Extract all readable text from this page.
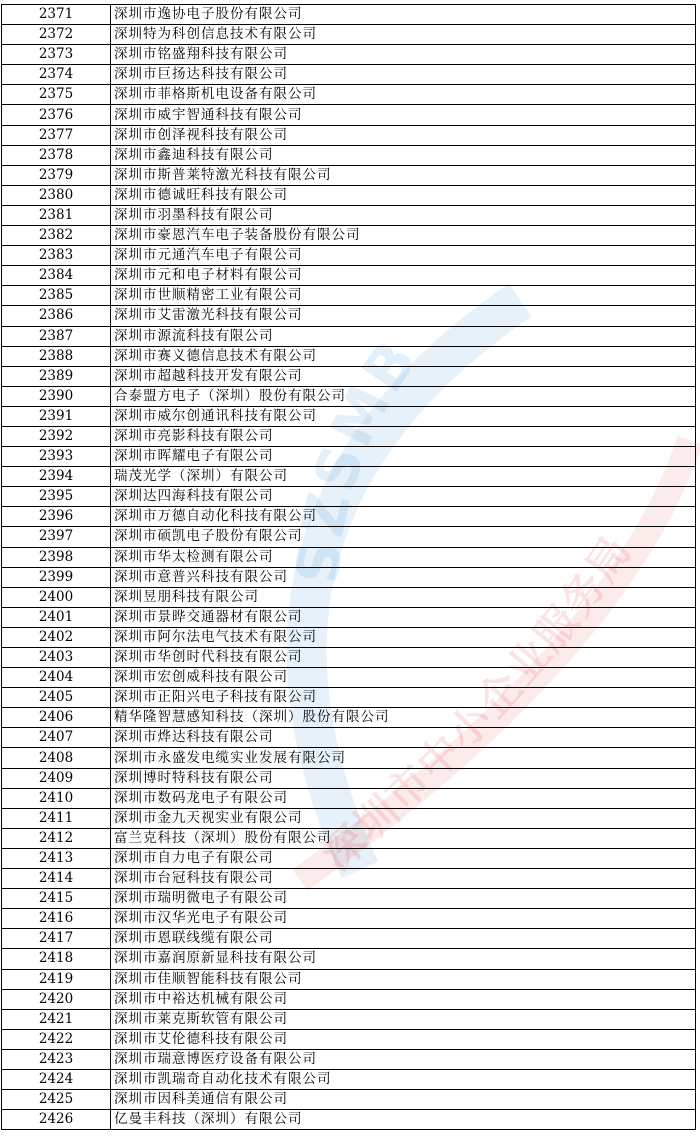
SZSMB
深圳市中小企业服务局
2371	深圳市逸协电子股份有限公司
2372	深圳特为科创信息技术有限公司
2373	深圳市铭盛翔科技有限公司
2374	深圳市巨扬达科技有限公司
2375	深圳市菲格斯机电设备有限公司
2376	深圳市威宇智通科技有限公司
2377	深圳市创泽视科技有限公司
2378	深圳市鑫迪科技有限公司
2379	深圳市斯普莱特激光科技有限公司
2380	深圳市德诚旺科技有限公司
2381	深圳市羽墨科技有限公司
2382	深圳市豪恩汽车电子装备股份有限公司
2383	深圳市元通汽车电子有限公司
2384	深圳市元和电子材料有限公司
2385	深圳市世顺精密工业有限公司
2386	深圳市艾雷激光科技有限公司
2387	深圳市源流科技有限公司
2388	深圳市赛义德信息技术有限公司
2389	深圳市超越科技开发有限公司
2390	合泰盟方电子（深圳）股份有限公司
2391	深圳市威尔创通讯科技有限公司
2392	深圳市亮影科技有限公司
2393	深圳市晖耀电子有限公司
2394	瑞茂光学（深圳）有限公司
2395	深圳达四海科技有限公司
2396	深圳市万德自动化科技有限公司
2397	深圳市硕凯电子股份有限公司
2398	深圳市华太检测有限公司
2399	深圳市意普兴科技有限公司
2400	深圳昱朋科技有限公司
2401	深圳市景晔交通器材有限公司
2402	深圳市阿尔法电气技术有限公司
2403	深圳市华创时代科技有限公司
2404	深圳市宏创威科技有限公司
2405	深圳市正阳兴电子科技有限公司
2406	精华隆智慧感知科技（深圳）股份有限公司
2407	深圳市烨达科技有限公司
2408	深圳市永盛发电缆实业发展有限公司
2409	深圳博时特科技有限公司
2410	深圳市数码龙电子有限公司
2411	深圳市金九天视实业有限公司
2412	富兰克科技（深圳）股份有限公司
2413	深圳市自力电子有限公司
2414	深圳市台冠科技有限公司
2415	深圳市瑞明微电子有限公司
2416	深圳市汉华光电子有限公司
2417	深圳市恩联线缆有限公司
2418	深圳市嘉润原新显科技有限公司
2419	深圳市佳顺智能科技有限公司
2420	深圳市中裕达机械有限公司
2421	深圳市莱克斯软管有限公司
2422	深圳市艾伦德科技有限公司
2423	深圳市瑞意博医疗设备有限公司
2424	深圳市凯瑞奇自动化技术有限公司
2425	深圳市因科美通信有限公司
2426	亿曼丰科技（深圳）有限公司
